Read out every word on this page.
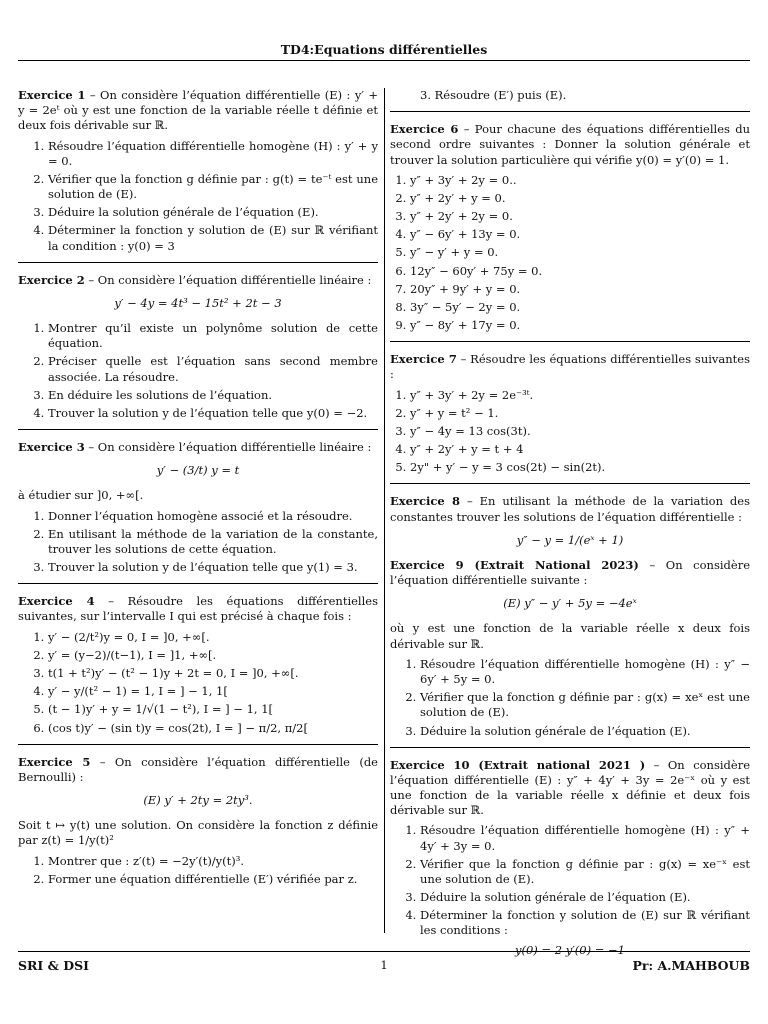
TD4:Equations différentielles

Exercice 1 – On considère l’équation différentielle (E) : y′ + y = 2eᵗ où y est une fonction de la variable réelle t définie et deux fois dérivable sur ℝ.

1. Résoudre l’équation différentielle homogène (H) : y′ + y = 0.
2. Vérifier que la fonction g définie par : g(t) = te⁻ᵗ est une solution de (E).
3. Déduire la solution générale de l’équation (E).
4. Déterminer la fonction y solution de (E) sur ℝ vérifiant la condition : y(0) = 3

Exercice 2 – On considère l’équation différentielle linéaire :

y′ − 4y = 4t³ − 15t² + 2t − 3
1. Montrer qu’il existe un polynôme solution de cette équation.
2. Préciser quelle est l’équation sans second membre associée. La résoudre.
3. En déduire les solutions de l’équation.
4. Trouver la solution y de l’équation telle que y(0) = −2.

Exercice 3 – On considère l’équation différentielle linéaire :

y′ − (3/t) y = t

à étudier sur ]0, +∞[.

1. Donner l’équation homogène associé et la résoudre.
2. En utilisant la méthode de la variation de la constante, trouver les solutions de cette équation.
3. Trouver la solution y de l’équation telle que y(1) = 3.

Exercice 4 – Résoudre les équations différentielles suivantes, sur l’intervalle I qui est précisé à chaque fois :

1. y′ − (2/t²)y = 0, I = ]0, +∞[.
2. y′ = (y−2)/(t−1), I = ]1, +∞[.
3. t(1 + t²)y′ − (t² − 1)y + 2t = 0, I = ]0, +∞[.
4. y′ − y/(t² − 1) = 1, I = ] − 1, 1[
5. (t − 1)y′ + y = 1/√(1 − t²), I = ] − 1, 1[
6. (cos t)y′ − (sin t)y = cos(2t), I = ] − π/2, π/2[

Exercice 5 – On considère l’équation différentielle (de Bernoulli) :

(E) y′ + 2ty = 2ty³.

Soit t ↦ y(t) une solution. On considère la fonction z définie par z(t) = 1/y(t)²

1. Montrer que : z′(t) = −2y′(t)/y(t)³.
2. Former une équation différentielle (E′) vérifiée par z.
3. Résoudre (E′) puis (E).

Exercice 6 – Pour chacune des équations différentielles du second ordre suivantes : Donner la solution générale et trouver la solution particulière qui vérifie y(0) = y′(0) = 1.

1. y″ + 3y′ + 2y = 0..
2. y″ + 2y′ + y = 0.
3. y″ + 2y′ + 2y = 0.
4. y″ − 6y′ + 13y = 0.
5. y″ − y′ + y = 0.
6. 12y″ − 60y′ + 75y = 0.
7. 20y″ + 9y′ + y = 0.
8. 3y″ − 5y′ − 2y = 0.
9. y″ − 8y′ + 17y = 0.

Exercice 7 – Résoudre les équations différentielles suivantes :

1. y″ + 3y′ + 2y = 2e⁻³ᵗ.
2. y″ + y = t² − 1.
3. y″ − 4y = 13 cos(3t).
4. y″ + 2y′ + y = t + 4
5. 2y" + y′ − y = 3 cos(2t) − sin(2t).

Exercice 8 – En utilisant la méthode de la variation des constantes trouver les solutions de l’équation différentielle :

y″ − y = 1/(eˣ + 1)

Exercice 9 (Extrait National 2023) – On considère l’équation différentielle suivante :

(E) y″ − y′ + 5y = −4eˣ

où y est une fonction de la variable réelle x deux fois dérivable sur ℝ.

1. Résoudre l’équation différentielle homogène (H) : y″ − 6y′ + 5y = 0.
2. Vérifier que la fonction g définie par : g(x) = xeˣ est une solution de (E).
3. Déduire la solution générale de l’équation (E).

Exercice 10 (Extrait national 2021 ) – On considère l’équation différentielle (E) : y″ + 4y′ + 3y = 2e⁻ˣ où y est une fonction de la variable réelle x définie et deux fois dérivable sur ℝ.

1. Résoudre l’équation différentielle homogène (H) : y″ + 4y′ + 3y = 0.
2. Vérifier que la fonction g définie par : g(x) = xe⁻ˣ est une solution de (E).
3. Déduire la solution générale de l’équation (E).
4. Déterminer la fonction y solution de (E) sur ℝ vérifiant les conditions :
y(0) = 2 y′(0) = −1
SRI & DSI	1	Pr: A.MAHBOUB
